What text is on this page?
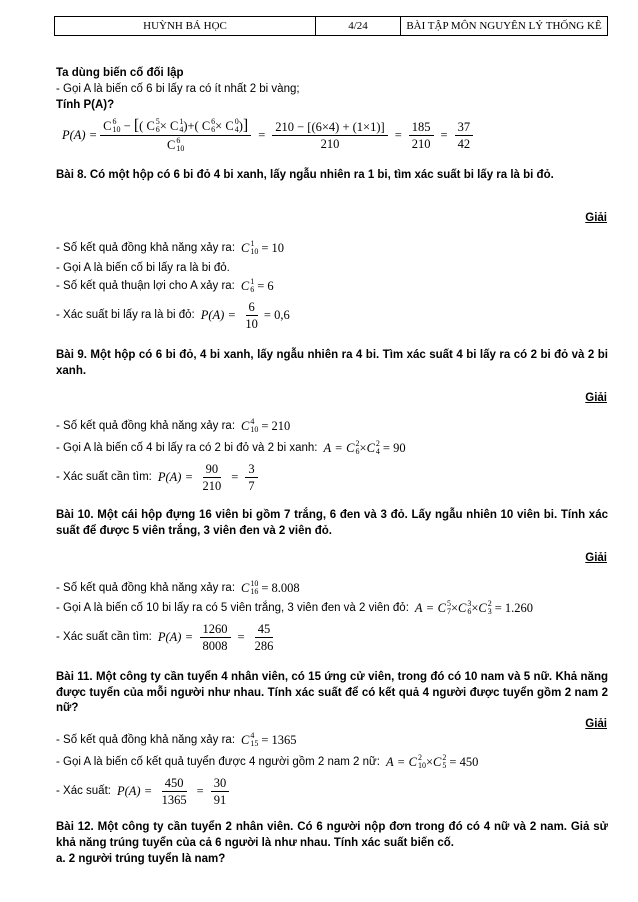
HUỲNH BÁ HỌC	4/24	BÀI TẬP MÔN NGUYÊN LÝ THỐNG KÊ
Ta dùng biến cố đối lập
- Gọi A là biến cố 6 bi lấy ra có ít nhất 2 bi vàng;
Tính P(A)?
P(A) =
C 6
10 − [( C 5
6 × C 1
4 )+( C 6
6 × C 0
4 )]
C 6
10
= $\frac{210 - [(6\times 4) + (1\times 1)]}{210} = \frac{185}{210} = \frac{37}{42}$
Bài 8. Có một hộp có 6 bi đỏ 4 bi xanh, lấy ngẫu nhiên ra 1 bi, tìm xác suất bi lấy ra là bi đỏ.
Giải
- Số kết quả đồng khả năng xảy ra: C 1
10 = 10
- Gọi A là biến cố bi lấy ra là bi đỏ.
- Số kết quả thuận lợi cho A xảy ra: C 1
6 = 6
- Xác suất bi lấy ra là bi đỏ: $P(A) = \frac{6}{10} = 0,6$
Bài 9. Một hộp có 6 bi đỏ, 4 bi xanh, lấy ngẫu nhiên ra 4 bi. Tìm xác suất 4 bi lấy ra có 2 bi đỏ và 2 bi xanh.
Giải
- Số kết quả đồng khả năng xảy ra: C 4
10 = 210
- Gọi A là biến cố 4 bi lấy ra có 2 bi đỏ và 2 bi xanh: A = C 2
6 × C 2
4 = 90
- Xác suất cần tìm: $P(A) = \frac{90}{210} = \frac{3}{7}$
Bài 10. Một cái hộp đựng 16 viên bi gồm 7 trắng, 6 đen và 3 đỏ. Lấy ngẫu nhiên 10 viên bi. Tính xác suất để được 5 viên trắng, 3 viên đen và 2 viên đỏ.
Giải
- Số kết quả đồng khả năng xảy ra: C 10
16 = 8.008
- Gọi A là biến cố 10 bi lấy ra có 5 viên trắng, 3 viên đen và 2 viên đỏ: A = C 5
7 × C 3
6 × C 2
3 = 1.260
- Xác suất cần tìm: $P(A) = \frac{1260}{8008} = \frac{45}{286}$
Bài 11. Một công ty cần tuyển 4 nhân viên, có 15 ứng cử viên, trong đó có 10 nam và 5 nữ. Khả năng được tuyển của mỗi người như nhau. Tính xác suất để có kết quả 4 người được tuyển gồm 2 nam 2 nữ?
Giải
- Số kết quả đồng khả năng xảy ra: C 4
15 = 1365
- Gọi A là biến cố kết quả tuyển được 4 người gồm 2 nam 2 nữ: A = C 2
10 × C 2
5 = 450
- Xác suất: $P(A) = \frac{450}{1365} = \frac{30}{91}$
Bài 12. Một công ty cần tuyển 2 nhân viên. Có 6 người nộp đơn trong đó có 4 nữ và 2 nam. Giả sử khả năng trúng tuyển của cả 6 người là như nhau. Tính xác suất biến cố.
a. 2 người trúng tuyển là nam?
